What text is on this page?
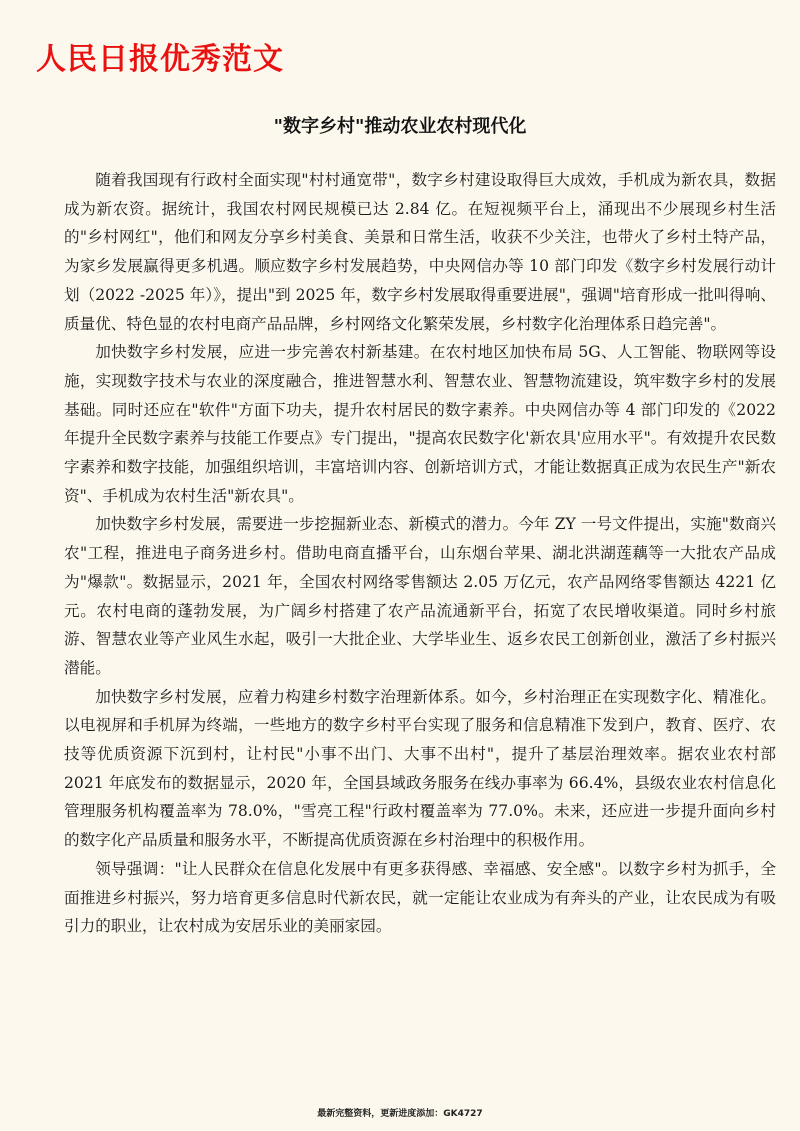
人民日报优秀范文
"数字乡村"推动农业农村现代化

随着我国现有行政村全面实现"村村通宽带"，数字乡村建设取得巨大成效，手机成为新农具，数据成为新农资。据统计，我国农村网民规模已达 2.84 亿。在短视频平台上，涌现出不少展现乡村生活的"乡村网红"，他们和网友分享乡村美食、美景和日常生活，收获不少关注，也带火了乡村土特产品，为家乡发展赢得更多机遇。顺应数字乡村发展趋势，中央网信办等 10 部门印发《数字乡村发展行动计划（2022 -2025 年）》，提出"到 2025 年，数字乡村发展取得重要进展"，强调"培育形成一批叫得响、质量优、特色显的农村电商产品品牌，乡村网络文化繁荣发展，乡村数字化治理体系日趋完善"。

加快数字乡村发展，应进一步完善农村新基建。在农村地区加快布局 5G、人工智能、物联网等设施，实现数字技术与农业的深度融合，推进智慧水利、智慧农业、智慧物流建设，筑牢数字乡村的发展基础。同时还应在"软件"方面下功夫，提升农村居民的数字素养。中央网信办等 4 部门印发的《2022 年提升全民数字素养与技能工作要点》专门提出，"提高农民数字化'新农具'应用水平"。有效提升农民数字素养和数字技能，加强组织培训，丰富培训内容、创新培训方式，才能让数据真正成为农民生产"新农资"、手机成为农村生活"新农具"。

加快数字乡村发展，需要进一步挖掘新业态、新模式的潜力。今年 ZY 一号文件提出，实施"数商兴农"工程，推进电子商务进乡村。借助电商直播平台，山东烟台苹果、湖北洪湖莲藕等一大批农产品成为"爆款"。数据显示，2021 年，全国农村网络零售额达 2.05 万亿元，农产品网络零售额达 4221 亿元。农村电商的蓬勃发展，为广阔乡村搭建了农产品流通新平台，拓宽了农民增收渠道。同时乡村旅游、智慧农业等产业风生水起，吸引一大批企业、大学毕业生、返乡农民工创新创业，激活了乡村振兴潜能。

加快数字乡村发展，应着力构建乡村数字治理新体系。如今，乡村治理正在实现数字化、精准化。以电视屏和手机屏为终端，一些地方的数字乡村平台实现了服务和信息精准下发到户，教育、医疗、农技等优质资源下沉到村，让村民"小事不出门、大事不出村"，提升了基层治理效率。据农业农村部 2021 年底发布的数据显示，2020 年，全国县域政务服务在线办事率为 66.4%，县级农业农村信息化管理服务机构覆盖率为 78.0%，"雪亮工程"行政村覆盖率为 77.0%。未来，还应进一步提升面向乡村的数字化产品质量和服务水平，不断提高优质资源在乡村治理中的积极作用。

领导强调："让人民群众在信息化发展中有更多获得感、幸福感、安全感"。以数字乡村为抓手，全面推进乡村振兴，努力培育更多信息时代新农民，就一定能让农业成为有奔头的产业，让农民成为有吸引力的职业，让农村成为安居乐业的美丽家园。

最新完整资料，更新进度添加：GK4727
